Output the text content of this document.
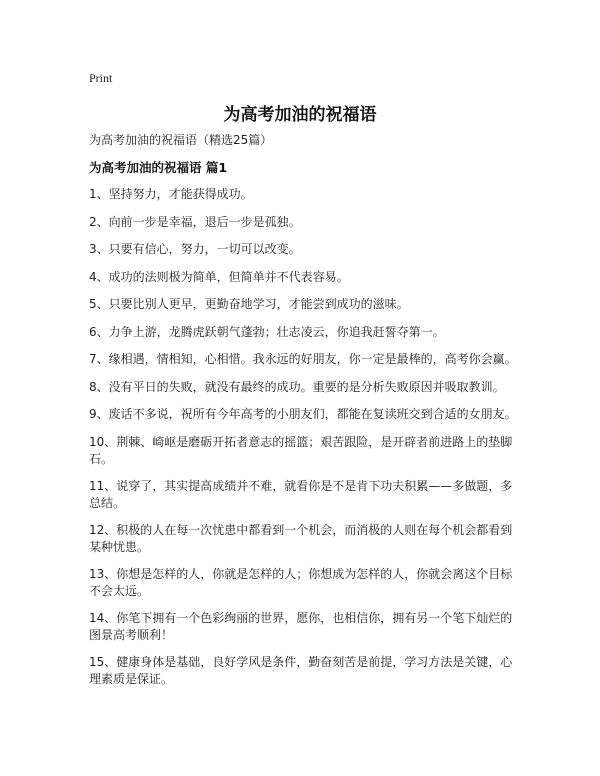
Print
为高考加油的祝福语
为高考加油的祝福语（精选25篇）
为高考加油的祝福语 篇1
1、坚持努力，才能获得成功。
2、向前一步是幸福，退后一步是孤独。
3、只要有信心，努力，一切可以改变。
4、成功的法则极为简单，但简单并不代表容易。
5、只要比别人更早，更勤奋地学习，才能尝到成功的滋味。
6、力争上游，龙腾虎跃朝气蓬勃；壮志凌云，你追我赶誓夺第一。
7、缘相遇，情相知，心相惜。我永远的好朋友，你一定是最棒的，高考你会赢。
8、没有平日的失败，就没有最终的成功。重要的是分析失败原因并吸取教训。
9、废话不多说，祝所有今年高考的小朋友们，都能在复读班交到合适的女朋友。
10、荆棘、崎岖是磨砺开拓者意志的摇篮；艰苦跟险，是开辟者前进路上的垫脚石。
11、说穿了，其实提高成绩并不难，就看你是不是肯下功夫积累——多做题，多总结。
12、积极的人在每一次忧患中都看到一个机会，而消极的人则在每个机会都看到某种忧患。
13、你想是怎样的人，你就是怎样的人；你想成为怎样的人，你就会离这个目标不会太远。
14、你笔下拥有一个色彩绚丽的世界，愿你，也相信你，拥有另一个笔下灿烂的图景高考顺利！
15、健康身体是基础，良好学风是条件，勤奋刻苦是前提，学习方法是关键，心理素质是保证。
